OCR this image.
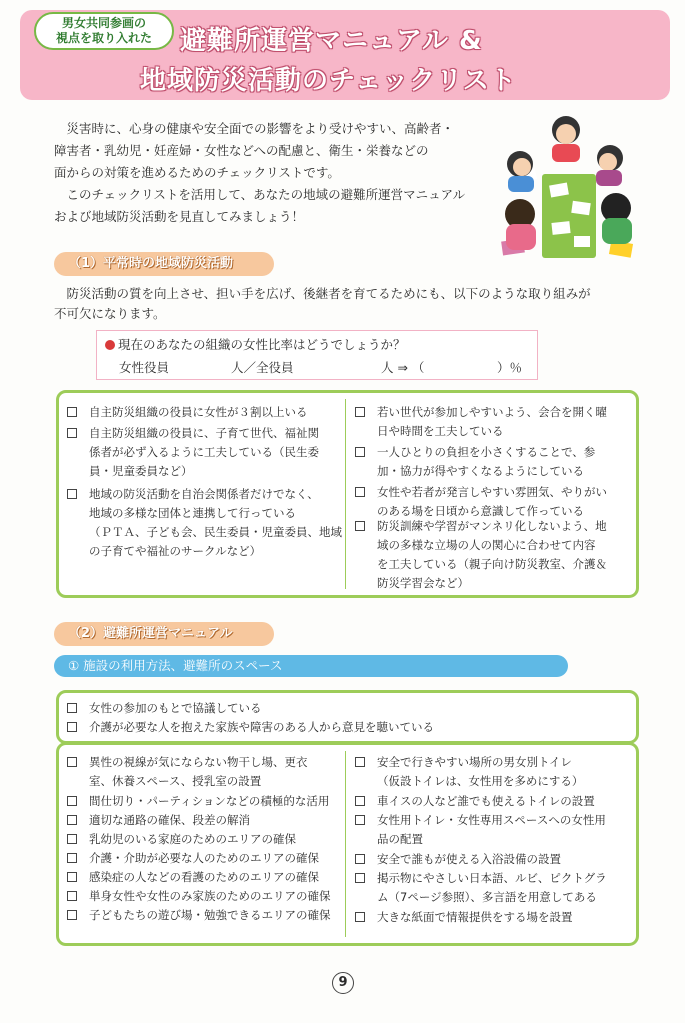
男女共同参画の
視点を取り入れた	避難所運営マニュアル &
地域防災活動のチェックリスト

　災害時に、心身の健康や安全面での影響をより受けやすい、高齢者・

障害者・乳幼児・妊産婦・女性などへの配慮と、衛生・栄養などの

面からの対策を進めるためのチェックリストです。

　このチェックリストを活用して、あなたの地域の避難所運営マニュアル

および地域防災活動を見直してみましょう！

（1）平常時の地域防災活動
　防災活動の質を向上させ、担い手を広げ、後継者を育てるためにも、以下のような取り組みが
不可欠になります。
現在のあなたの組織の女性比率はどうでしょうか？
女性役員	人／全役員	人 ⇒ （	）％
自主防災組織の役員に女性が３割以上いる
自主防災組織の役員に、子育て世代、福祉関
係者が必ず入るように工夫している（民生委
員・児童委員など）
地域の防災活動を自治会関係者だけでなく、
地域の多様な団体と連携して行っている
（ＰＴＡ、子ども会、民生委員・児童委員、地域
の子育てや福祉のサークルなど）
若い世代が参加しやすいよう、会合を開く曜
日や時間を工夫している
一人ひとりの負担を小さくすることで、参
加・協力が得やすくなるようにしている
女性や若者が発言しやすい雰囲気、やりがい
のある場を日頃から意識して作っている
防災訓練や学習がマンネリ化しないよう、地
域の多様な立場の人の関心に合わせて内容
を工夫している（親子向け防災教室、介護＆
防災学習会など）
（2）避難所運営マニュアル
① 施設の利用方法、避難所のスペース
女性の参加のもとで協議している
介護が必要な人を抱えた家族や障害のある人から意見を聴いている
異性の視線が気にならない物干し場、更衣
室、休養スペース、授乳室の設置
間仕切り・パーティションなどの積極的な活用
適切な通路の確保、段差の解消
乳幼児のいる家庭のためのエリアの確保
介護・介助が必要な人のためのエリアの確保
感染症の人などの看護のためのエリアの確保
単身女性や女性のみ家族のためのエリアの確保
子どもたちの遊び場・勉強できるエリアの確保
安全で行きやすい場所の男女別トイレ
（仮設トイレは、女性用を多めにする）
車イスの人など誰でも使えるトイレの設置
女性用トイレ・女性専用スペースへの女性用
品の配置
安全で誰もが使える入浴設備の設置
掲示物にやさしい日本語、ルビ、ピクトグラ
ム（7ページ参照）、多言語を用意してある
大きな紙面で情報提供をする場を設置
9
